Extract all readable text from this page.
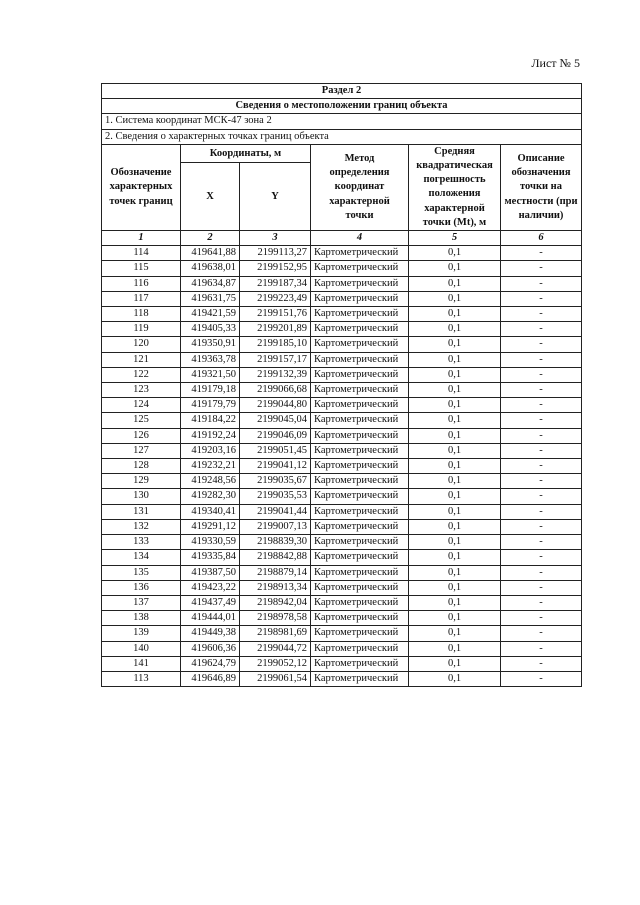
Лист № 5
Раздел 2					
Сведения о местоположении границ объекта					
1. Система координат МСК-47 зона 2					
2. Сведения о характерных точках границ объекта					
Обозначение характерных точек границ	Координаты, м		Метод определения координат характерной точки	Средняя квадратическая погрешность положения характерной точки (Mt), м	Описание обозначения точки на местности (при наличии)
	X	Y			
1	2	3	4	5	6
114	419641,88	2199113,27	Картометрический	0,1	-
115	419638,01	2199152,95	Картометрический	0,1	-
116	419634,87	2199187,34	Картометрический	0,1	-
117	419631,75	2199223,49	Картометрический	0,1	-
118	419421,59	2199151,76	Картометрический	0,1	-
119	419405,33	2199201,89	Картометрический	0,1	-
120	419350,91	2199185,10	Картометрический	0,1	-
121	419363,78	2199157,17	Картометрический	0,1	-
122	419321,50	2199132,39	Картометрический	0,1	-
123	419179,18	2199066,68	Картометрический	0,1	-
124	419179,79	2199044,80	Картометрический	0,1	-
125	419184,22	2199045,04	Картометрический	0,1	-
126	419192,24	2199046,09	Картометрический	0,1	-
127	419203,16	2199051,45	Картометрический	0,1	-
128	419232,21	2199041,12	Картометрический	0,1	-
129	419248,56	2199035,67	Картометрический	0,1	-
130	419282,30	2199035,53	Картометрический	0,1	-
131	419340,41	2199041,44	Картометрический	0,1	-
132	419291,12	2199007,13	Картометрический	0,1	-
133	419330,59	2198839,30	Картометрический	0,1	-
134	419335,84	2198842,88	Картометрический	0,1	-
135	419387,50	2198879,14	Картометрический	0,1	-
136	419423,22	2198913,34	Картометрический	0,1	-
137	419437,49	2198942,04	Картометрический	0,1	-
138	419444,01	2198978,58	Картометрический	0,1	-
139	419449,38	2198981,69	Картометрический	0,1	-
140	419606,36	2199044,72	Картометрический	0,1	-
141	419624,79	2199052,12	Картометрический	0,1	-
113	419646,89	2199061,54	Картометрический	0,1	-
